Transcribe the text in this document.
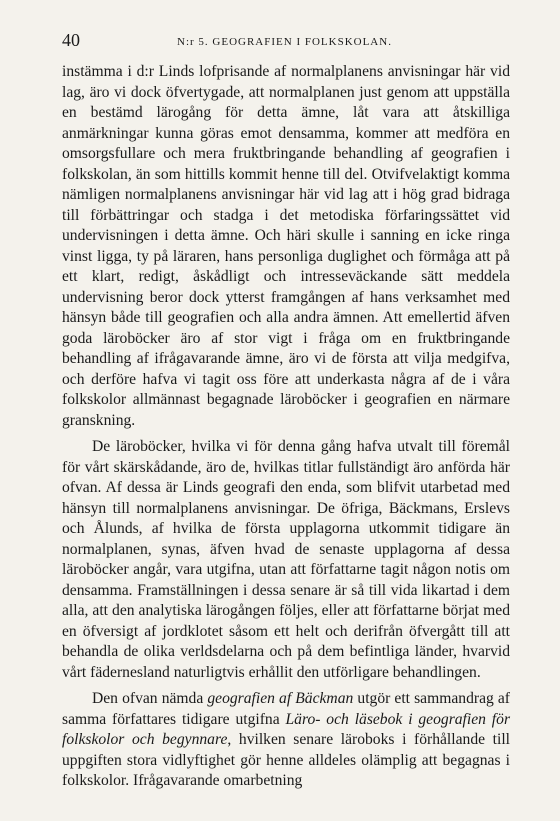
40	N:r 5. GEOGRAFIEN I FOLKSKOLAN.

instämma i d:r Linds lofprisande af normalplanens anvisningar här vid lag, äro vi dock öfvertygade, att normalplanen just genom att uppställa en bestämd lärogång för detta ämne, låt vara att åtskilliga anmärkningar kunna göras emot densamma, kommer att medföra en omsorgsfullare och mera fruktbringande behandling af geografien i folkskolan, än som hittills kommit henne till del. Otvifvelaktigt komma nämligen normalplanens anvisningar här vid lag att i hög grad bidraga till förbättringar och stadga i det metodiska förfaringssättet vid undervisningen i detta ämne. Och häri skulle i sanning en icke ringa vinst ligga, ty på läraren, hans personliga duglighet och förmåga att på ett klart, redigt, åskådligt och intresseväckande sätt meddela undervisning beror dock ytterst framgången af hans verksamhet med hänsyn både till geografien och alla andra ämnen. Att emellertid äfven goda läroböcker äro af stor vigt i fråga om en fruktbringande behandling af ifrågavarande ämne, äro vi de första att vilja medgifva, och derföre hafva vi tagit oss före att underkasta några af de i våra folkskolor allmännast begagnade läroböcker i geografien en närmare granskning.

De läroböcker, hvilka vi för denna gång hafva utvalt till föremål för vårt skärskådande, äro de, hvilkas titlar fullständigt äro anförda här ofvan. Af dessa är Linds geografi den enda, som blifvit utarbetad med hänsyn till normalplanens anvisningar. De öfriga, Bäckmans, Erslevs och Ålunds, af hvilka de första upplagorna utkommit tidigare än normalplanen, synas, äfven hvad de senaste upplagorna af dessa läroböcker angår, vara utgifna, utan att författarne tagit någon notis om densamma. Framställningen i dessa senare är så till vida likartad i dem alla, att den analytiska lärogången följes, eller att författarne börjat med en öfversigt af jordklotet såsom ett helt och derifrån öfvergått till att behandla de olika verldsdelarna och på dem befintliga länder, hvarvid vårt fädernesland naturligtvis erhållit den utförligare behandlingen.

Den ofvan nämda geografien af Bäckman utgör ett sammandrag af samma författares tidigare utgifna Läro- och läsebok i geografien för folkskolor och begynnare, hvilken senare läroboks i förhållande till uppgiften stora vidlyftighet gör henne alldeles olämplig att begagnas i folkskolor. Ifrågavarande omarbetning
